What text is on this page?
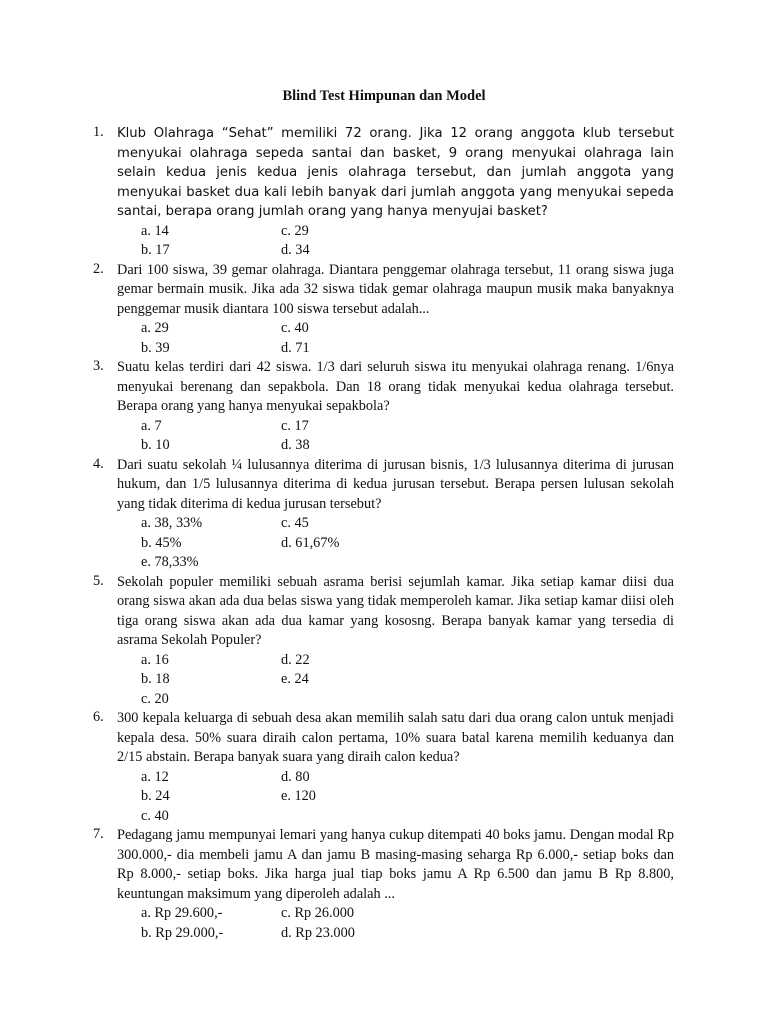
Blind Test Himpunan dan Model
1. Klub Olahraga “Sehat” memiliki 72 orang. Jika 12 orang anggota klub tersebut menyukai olahraga sepeda santai dan basket, 9 orang menyukai olahraga lain selain kedua jenis kedua jenis olahraga tersebut, dan jumlah anggota yang menyukai basket dua kali lebih banyak dari jumlah anggota yang menyukai sepeda santai, berapa orang jumlah orang yang hanya menyujai basket?
a. 14	c. 29
b. 17	d. 34
2. Dari 100 siswa, 39 gemar olahraga. Diantara penggemar olahraga tersebut, 11 orang siswa juga gemar bermain musik. Jika ada 32 siswa tidak gemar olahraga maupun musik maka banyaknya penggemar musik diantara 100 siswa tersebut adalah...
a. 29	c. 40
b. 39	d. 71
3. Suatu kelas terdiri dari 42 siswa. 1/3 dari seluruh siswa itu menyukai olahraga renang. 1/6nya menyukai berenang dan sepakbola. Dan 18 orang tidak menyukai kedua olahraga tersebut. Berapa orang yang hanya menyukai sepakbola?
a. 7	c. 17
b. 10	d. 38
4. Dari suatu sekolah ¼ lulusannya diterima di jurusan bisnis, 1/3 lulusannya diterima di jurusan hukum, dan 1/5 lulusannya diterima di kedua jurusan tersebut. Berapa persen lulusan sekolah yang tidak diterima di kedua jurusan tersebut?
a. 38, 33%	c. 45
b. 45%	d. 61,67%
e. 78,33%
5. Sekolah populer memiliki sebuah asrama berisi sejumlah kamar. Jika setiap kamar diisi dua orang siswa akan ada dua belas siswa yang tidak memperoleh kamar. Jika setiap kamar diisi oleh tiga orang siswa akan ada dua kamar yang kososng. Berapa banyak kamar yang tersedia di asrama Sekolah Populer?
a. 16	d. 22
b. 18	e. 24
c. 20
6. 300 kepala keluarga di sebuah desa akan memilih salah satu dari dua orang calon untuk menjadi kepala desa. 50% suara diraih calon pertama, 10% suara batal karena memilih keduanya dan 2/15 abstain. Berapa banyak suara yang diraih calon kedua?
a. 12	d. 80
b. 24	e. 120
c. 40
7. Pedagang jamu mempunyai lemari yang hanya cukup ditempati 40 boks jamu. Dengan modal Rp 300.000,- dia membeli jamu A dan jamu B masing-masing seharga Rp 6.000,- setiap boks dan Rp 8.000,- setiap boks. Jika harga jual tiap boks jamu A Rp 6.500 dan jamu B Rp 8.800, keuntungan maksimum yang diperoleh adalah ...
a. Rp 29.600,-	c. Rp 26.000
b. Rp 29.000,-	d. Rp 23.000
